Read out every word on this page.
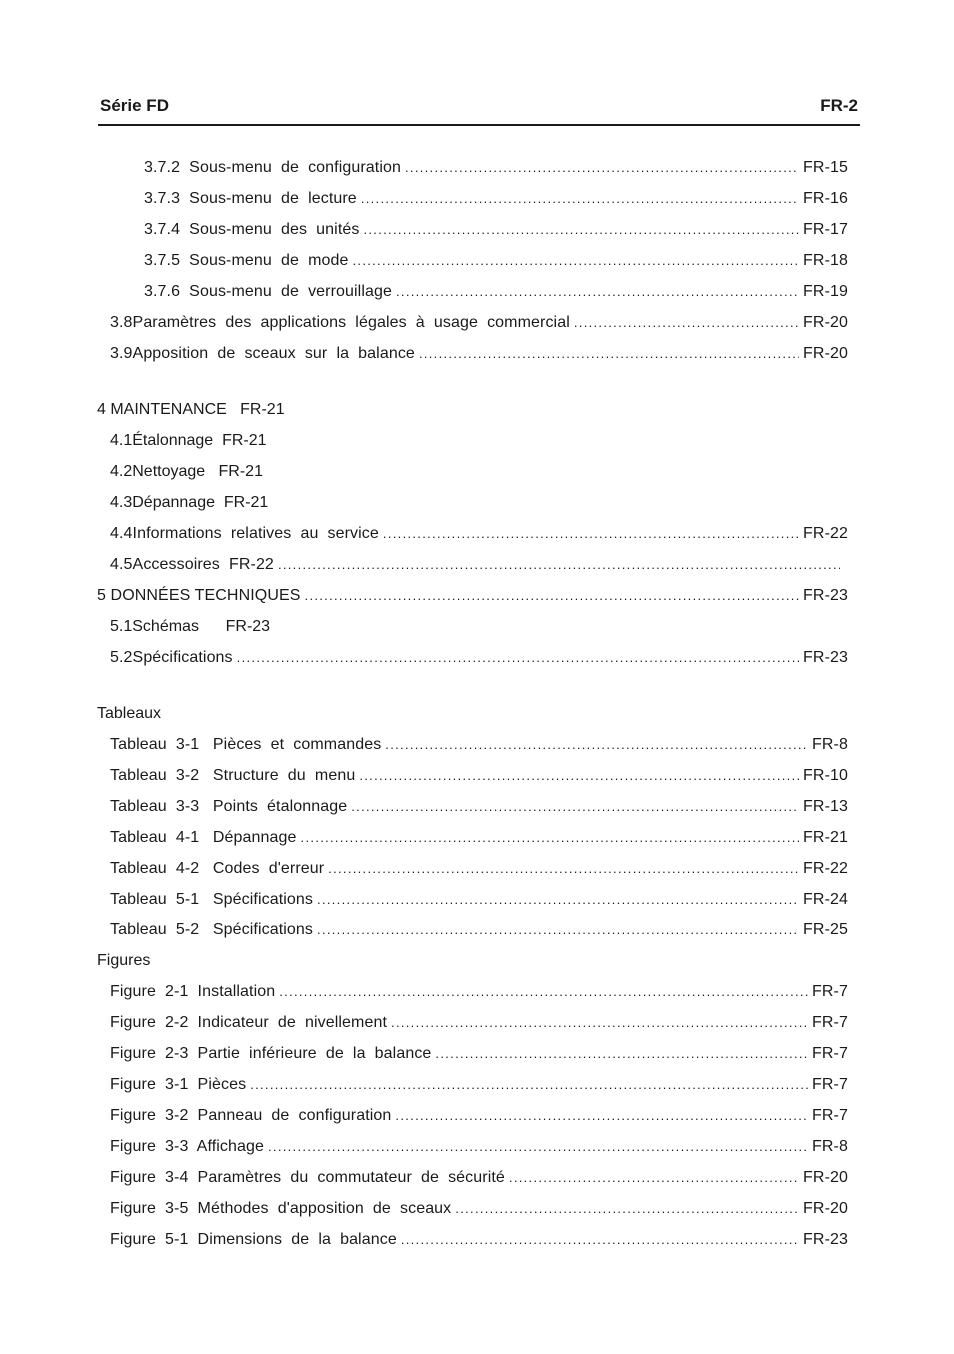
Série FD	FR-2
3.7.2  Sous-menu  de  configuration .....	FR-15
3.7.3  Sous-menu  de  lecture .....	FR-16
3.7.4  Sous-menu  des  unités .....	FR-17
3.7.5  Sous-menu  de  mode .....	FR-18
3.7.6  Sous-menu  de  verrouillage .....	FR-19
3.8Paramètres  des  applications  légales  à  usage  commercial .....	FR-20
3.9Apposition  de  sceaux  sur  la  balance .....	FR-20
4 MAINTENANCE   FR-21
4.1Étalonnage  FR-21
4.2Nettoyage   FR-21
4.3Dépannage  FR-21
4.4Informations  relatives  au  service .....	FR-22
4.5Accessoires  FR-22
.....
5 DONNÉES TECHNIQUES .....	FR-23
5.1Schémas      FR-23
5.2Spécifications .....	FR-23
Tableaux
Tableau  3-1   Pièces  et  commandes .....	FR-8
Tableau  3-2   Structure  du  menu .....	FR-10
Tableau  3-3   Points  étalonnage .....	FR-13
Tableau  4-1   Dépannage .....	FR-21
Tableau  4-2   Codes  d'erreur .....	FR-22
Tableau  5-1   Spécifications .....	FR-24
Tableau  5-2   Spécifications .....	FR-25
Figures
Figure  2-1  Installation .....	FR-7
Figure  2-2  Indicateur  de  nivellement .....	FR-7
Figure  2-3  Partie  inférieure  de  la  balance .....	FR-7
Figure  3-1  Pièces .....	FR-7
Figure  3-2  Panneau  de  configuration .....	FR-7
Figure  3-3  Affichage .....	FR-8
Figure  3-4  Paramètres  du  commutateur  de  sécurité .....	FR-20
Figure  3-5  Méthodes  d'apposition  de  sceaux .....	FR-20
Figure  5-1  Dimensions  de  la  balance .....	FR-23
